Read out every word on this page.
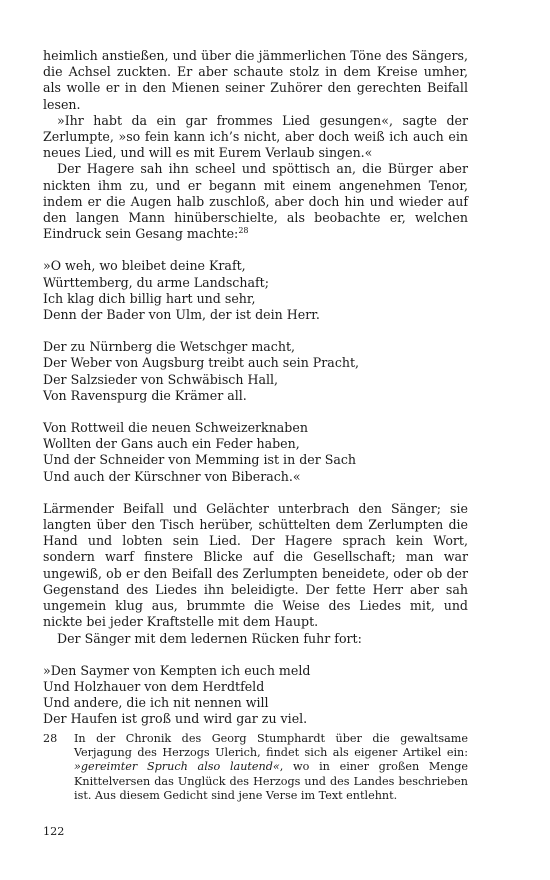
heimlich anstießen, und über die jämmerlichen Töne des Sängers, die Achsel zuckten. Er aber schaute stolz in dem Kreise umher, als wolle er in den Mienen seiner Zuhörer den gerechten Beifall lesen.

»Ihr habt da ein gar frommes Lied gesungen«, sagte der Zerlumpte, »so fein kann ich’s nicht, aber doch weiß ich auch ein neues Lied, und will es mit Eurem Verlaub singen.«

Der Hagere sah ihn scheel und spöttisch an, die Bürger aber nickten ihm zu, und er begann mit einem angenehmen Tenor, indem er die Augen halb zuschloß, aber doch hin und wieder auf den langen Mann hinüberschielte, als beobachte er, welchen Eindruck sein Gesang machte:$^{28}$

»O weh, wo bleibet deine Kraft,
Württemberg, du arme Landschaft;
Ich klag dich billig hart und sehr,
Denn der Bader von Ulm, der ist dein Herr.
Der zu Nürnberg die Wetschger macht,
Der Weber von Augsburg treibt auch sein Pracht,
Der Salzsieder von Schwäbisch Hall,
Von Ravenspurg die Krämer all.
Von Rottweil die neuen Schweizerknaben
Wollten der Gans auch ein Feder haben,
Und der Schneider von Memming ist in der Sach
Und auch der Kürschner von Biberach.«

Lärmender Beifall und Gelächter unterbrach den Sänger; sie langten über den Tisch herüber, schüttelten dem Zerlumpten die Hand und lobten sein Lied. Der Hagere sprach kein Wort, sondern warf finstere Blicke auf die Gesellschaft; man war ungewiß, ob er den Beifall des Zerlumpten beneidete, oder ob der Gegenstand des Liedes ihn beleidigte. Der fette Herr aber sah ungemein klug aus, brummte die Weise des Liedes mit, und nickte bei jeder Kraftstelle mit dem Haupt.

Der Sänger mit dem ledernen Rücken fuhr fort:

»Den Saymer von Kempten ich euch meld
Und Holzhauer von dem Herdtfeld
Und andere, die ich nit nennen will
Der Haufen ist groß und wird gar zu viel.
28	In der Chronik des Georg Stumphardt über die gewaltsame Verjagung des Herzogs Ulerich, findet sich als eigener Artikel ein: »gereimter Spruch also lautend«, wo in einer großen Menge Knittelversen das Unglück des Herzogs und des Landes beschrieben ist. Aus diesem Gedicht sind jene Verse im Text entlehnt.
122
